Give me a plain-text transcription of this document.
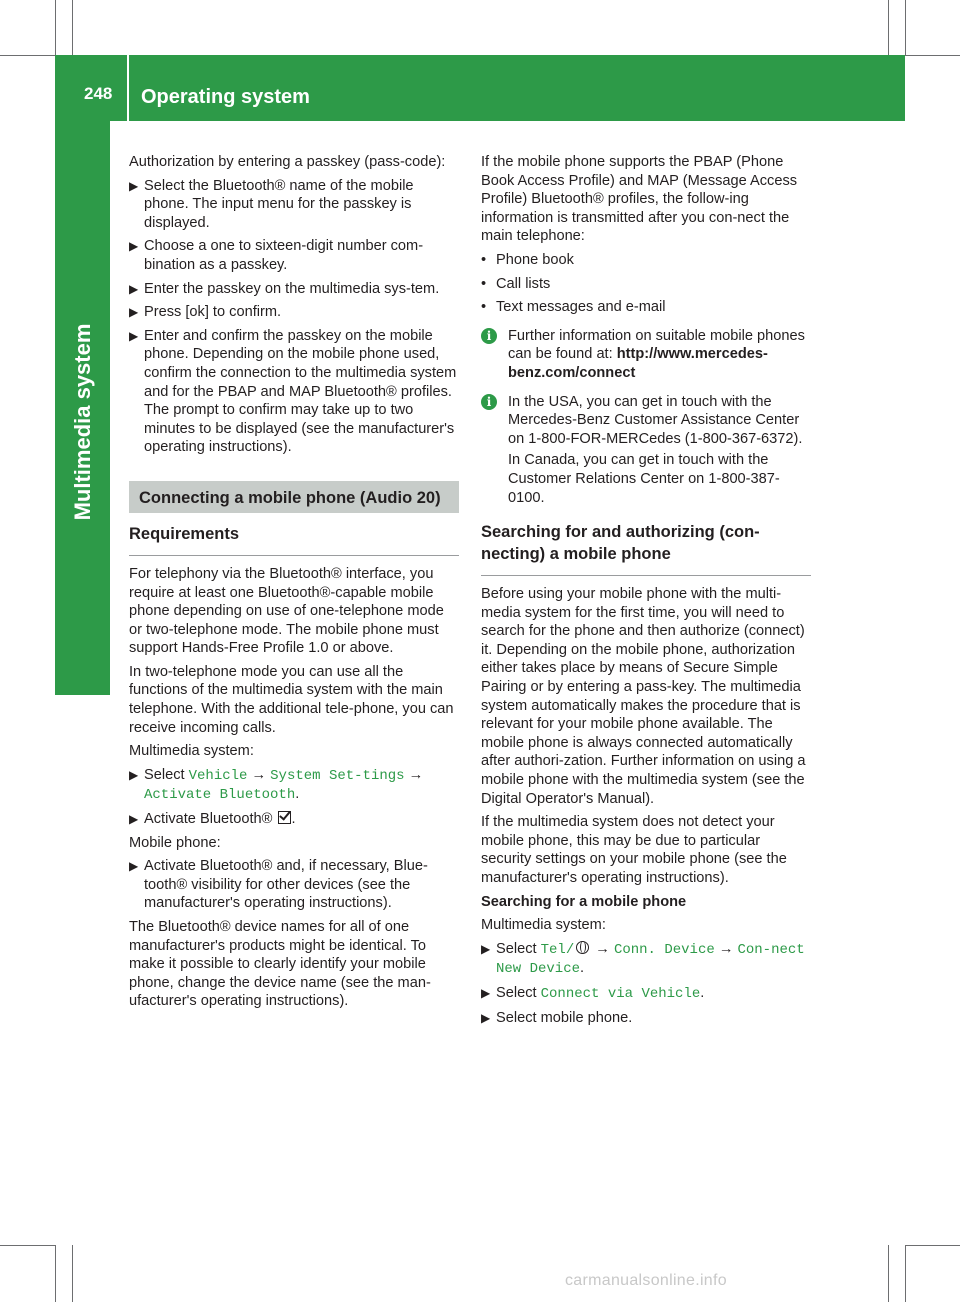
248 Operating system
Multimedia system

Authorization by entering a passkey (pass-code):

▶ Select the Bluetooth® name of the mobile phone. The input menu for the passkey is displayed.
▶ Choose a one to sixteen-digit number com-bination as a passkey.
▶ Enter the passkey on the multimedia sys-tem.
▶ Press [ok] to confirm.
▶ Enter and confirm the passkey on the mobile phone. Depending on the mobile phone used, confirm the connection to the multimedia system and for the PBAP and MAP Bluetooth® profiles. The prompt to confirm may take up to two minutes to be displayed (see the manufacturer's operating instructions).
Connecting a mobile phone (Audio 20)
Requirements

For telephony via the Bluetooth® interface, you require at least one Bluetooth®-capable mobile phone depending on use of one-telephone mode or two-telephone mode. The mobile phone must support Hands-Free Profile 1.0 or above.

In two-telephone mode you can use all the functions of the multimedia system with the main telephone. With the additional tele-phone, you can receive incoming calls.

Multimedia system:

▶ Select Vehicle → System Set-tings → Activate Bluetooth.
▶ Activate Bluetooth® .

Mobile phone:

▶ Activate Bluetooth® and, if necessary, Blue-tooth® visibility for other devices (see the manufacturer's operating instructions).

The Bluetooth® device names for all of one manufacturer's products might be identical. To make it possible to clearly identify your mobile phone, change the device name (see the man-ufacturer's operating instructions).

If the mobile phone supports the PBAP (Phone Book Access Profile) and MAP (Message Access Profile) Bluetooth® profiles, the follow-ing information is transmitted after you con-nect the main telephone:

• Phone book
• Call lists
• Text messages and e-mail
i	Further information on suitable mobile phones can be found at: http://www.mercedes-benz.com/connect
i	In the USA, you can get in touch with the Mercedes-Benz Customer Assistance Center on 1-800-FOR-MERCedes (1-800-367-6372).
In Canada, you can get in touch with the Customer Relations Center on 1-800-387-0100.
Searching for and authorizing (con-necting) a mobile phone

Before using your mobile phone with the multi-media system for the first time, you will need to search for the phone and then authorize (connect) it. Depending on the mobile phone, authorization either takes place by means of Secure Simple Pairing or by entering a pass-key. The multimedia system automatically makes the procedure that is relevant for your mobile phone available. The mobile phone is always connected automatically after authori-zation. Further information on using a mobile phone with the multimedia system (see the Digital Operator's Manual).

If the multimedia system does not detect your mobile phone, this may be due to particular security settings on your mobile phone (see the manufacturer's operating instructions).

Searching for a mobile phone

Multimedia system:

▶ Select Tel/ → Conn. Device → Con-nect New Device.
▶ Select Connect via Vehicle.
▶ Select mobile phone.
carmanualsonline.info
